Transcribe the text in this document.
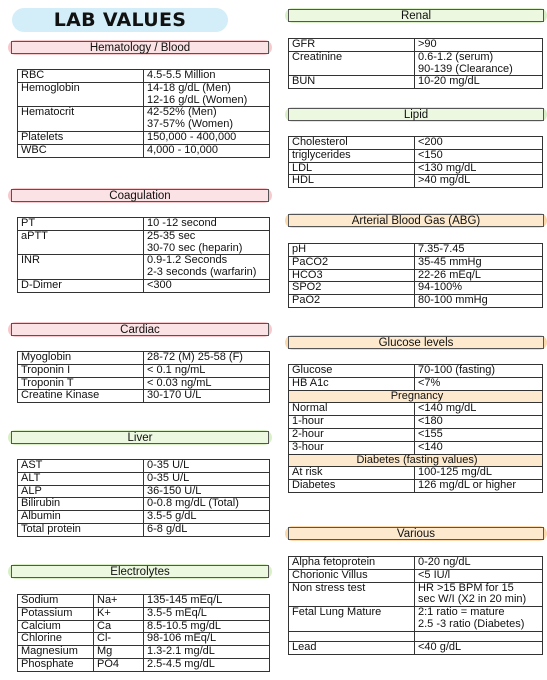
LAB VALUES
Hematology / Blood
RBC	4.5-5.5 Million
Hemoglobin	14-18 g/dL (Men)
12-16 g/dL (Women)
Hematocrit	42-52% (Men)
37-57% (Women)
Platelets	150,000 - 400,000
WBC	4,000 - 10,000
Coagulation
PT	10 -12 second
aPTT	25-35 sec
30-70 sec (heparin)
INR	0.9-1.2 Seconds
2-3 seconds (warfarin)
D-Dimer	<300
Cardiac
Myoglobin	28-72 (M) 25-58 (F)
Troponin I	< 0.1 ng/mL
Troponin T	< 0.03 ng/mL
Creatine Kinase	30-170 U/L
Liver
AST	0-35 U/L
ALT	0-35 U/L
ALP	36-150 U/L
Bilirubin	0-0.8 mg/dL (Total)
Albumin	3.5-5 g/dL
Total protein	6-8 g/dL
Electrolytes
Sodium	Na+	135-145 mEq/L
Potassium	K+	3.5-5 mEq/L
Calcium	Ca	8.5-10.5 mg/dL
Chlorine	Cl-	98-106 mEq/L
Magnesium	Mg	1.3-2.1 mg/dL
Phosphate	PO4	2.5-4.5 mg/dL
Renal
GFR	>90
Creatinine	0.6-1.2 (serum)
90-139 (Clearance)
BUN	10-20 mg/dL
Lipid
Cholesterol	<200
triglycerides	<150
LDL	<130 mg/dL
HDL	>40 mg/dL
Arterial Blood Gas (ABG)
pH	7.35-7.45
PaCO2	35-45 mmHg
HCO3	22-26 mEq/L
SPO2	94-100%
PaO2	80-100 mmHg
Glucose levels
Glucose	70-100 (fasting)
HB A1c	<7%
Pregnancy	
Normal	<140 mg/dL
1-hour	<180
2-hour	<155
3-hour	<140
Diabetes (fasting values)	
At risk	100-125 mg/dL
Diabetes	126 mg/dL or higher
Various
Alpha fetoprotein	0-20 ng/dL
Chorionic Villus	<5 IU/l
Non stress test	HR >15 BPM for 15
sec W/I (X2 in 20 min)
Fetal Lung Mature	2:1 ratio = mature
2.5 -3 ratio (Diabetes)

Lead	<40 g/dL
